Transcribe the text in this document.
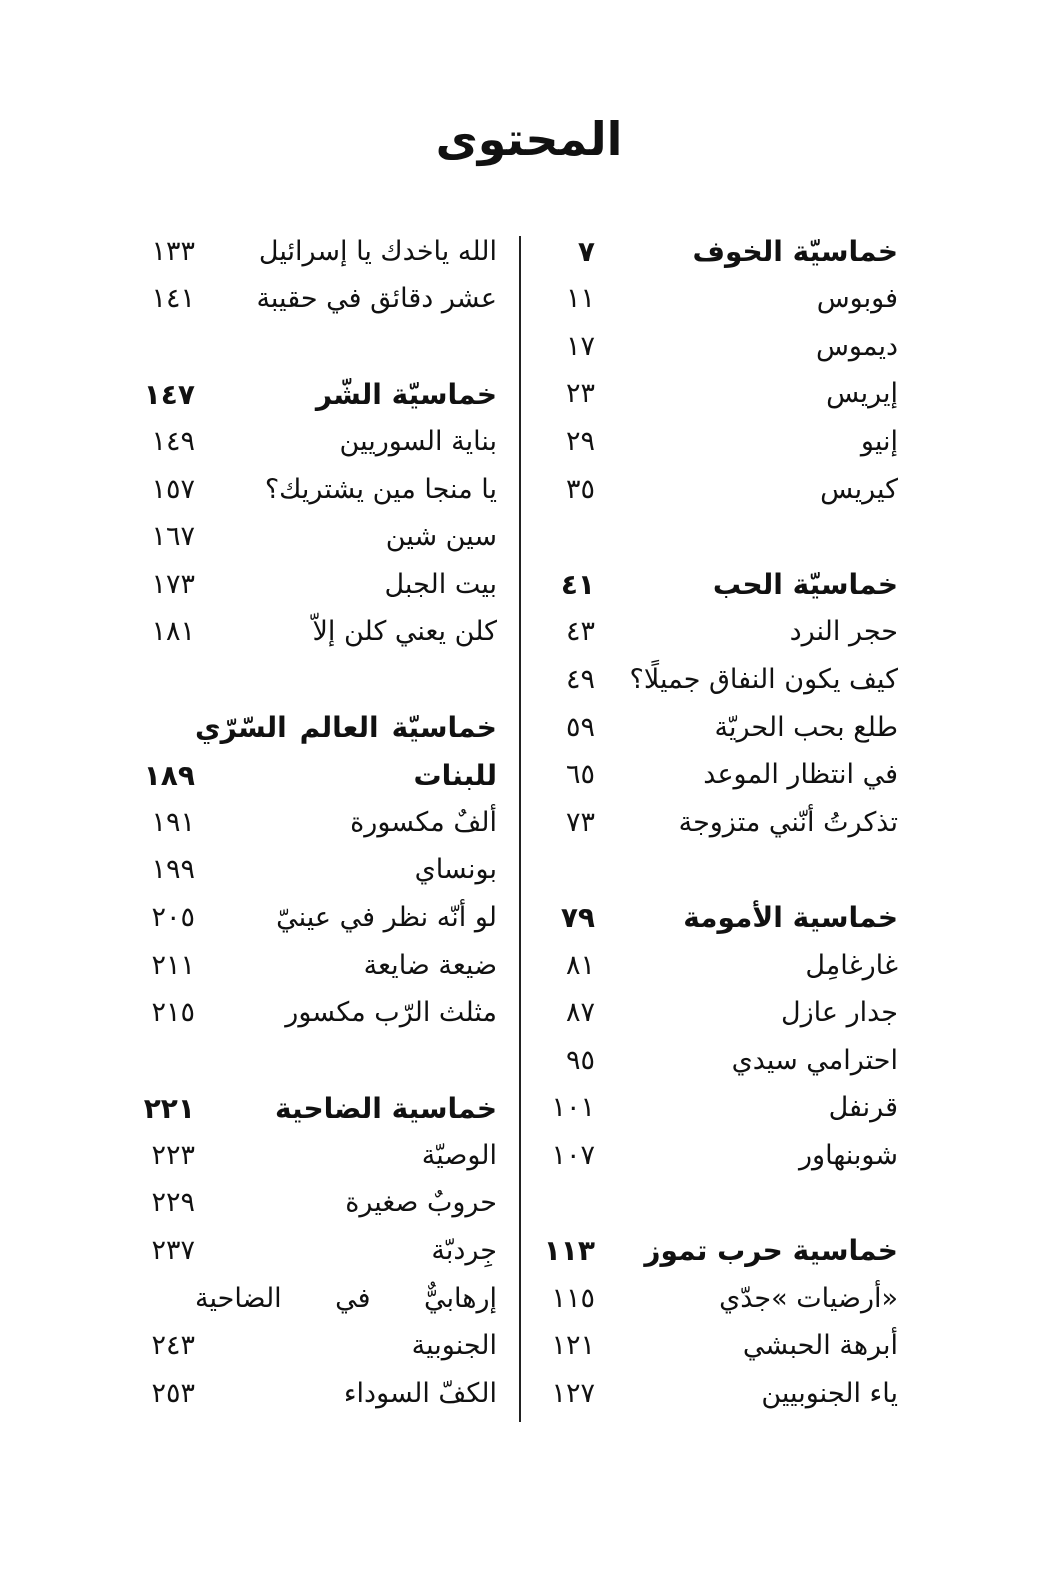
المحتوى
خماسيّة الخوف
٧
فوبوس
١١
ديموس
١٧
إيريس
٢٣
إنيو
٢٩
كيريس
٣٥
خماسيّة الحب
٤١
حجر النرد
٤٣
كيف يكون النفاق جميلًا؟
٤٩
طلع بحب الحريّة
٥٩
في انتظار الموعد
٦٥
تذكرتُ أنّني متزوجة
٧٣
خماسية الأمومة
٧٩
غارغامِل
٨١
جدار عازل
٨٧
احترامي سيدي
٩٥
قرنفل
١٠١
شوبنهاور
١٠٧
خماسية حرب تموز
١١٣
«أرضيات »جدّي
١١٥
أبرهة الحبشي
١٢١
ياء الجنوبيين
١٢٧
الله ياخدك يا إسرائيل
١٣٣
عشر دقائق في حقيبة
١٤١
خماسيّة الشّر
١٤٧
بناية السوريين
١٤٩
يا منجا مين يشتريك؟
١٥٧
سين شين
١٦٧
بيت الجبل
١٧٣
كلن يعني كلن إلاّ
١٨١
خماسيّة العالم السّرّي
للبنات
١٨٩
ألفٌ مكسورة
١٩١
بونساي
١٩٩
لو أنّه نظر في عينيّ
٢٠٥
ضيعة ضايعة
٢١١
مثلث الرّب مكسور
٢١٥
خماسية الضاحية
٢٢١
الوصيّة
٢٢٣
حروبٌ صغيرة
٢٢٩
جِردبّة
٢٣٧
إرهابيٌّ في الضاحية
الجنوبية
٢٤٣
الكفّ السوداء
٢٥٣
